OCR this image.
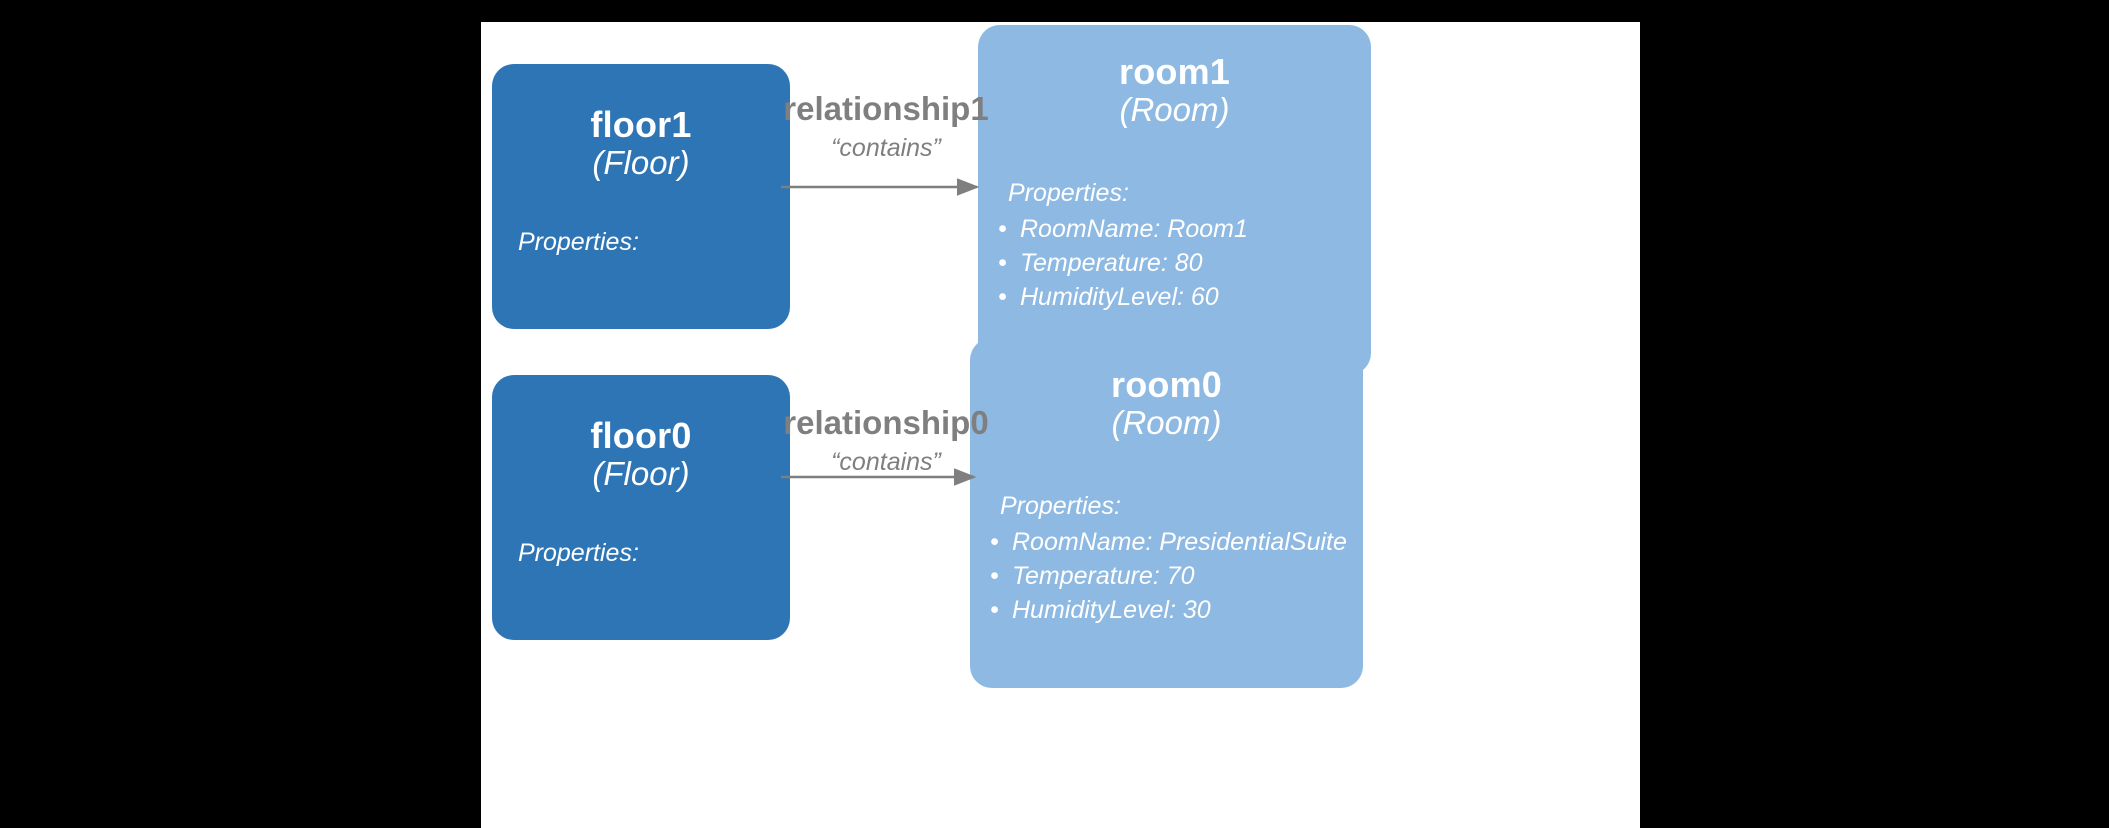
floor1
(Floor)
Properties:
room1
(Room)
Properties:
• RoomName: Room1
• Temperature: 80
• HumidityLevel: 60
floor0
(Floor)
Properties:
room0
(Room)
Properties:
• RoomName: PresidentialSuite
• Temperature: 70
• HumidityLevel: 30
relationship1
“contains”
relationship0
“contains”
